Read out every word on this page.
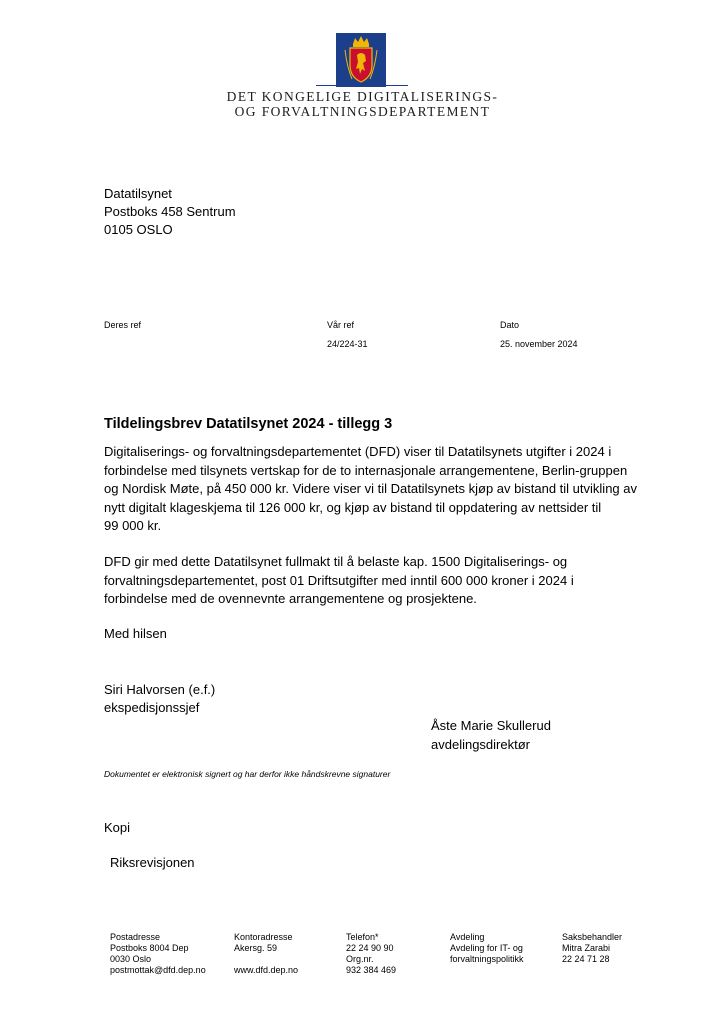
DET KONGELIGE DIGITALISERINGS-
OG FORVALTNINGSDEPARTEMENT
Datatilsynet
Postboks 458 Sentrum
0105 OSLO
Deres ref	Vår ref
24/224-31
Dato
25. november 2024
Tildelingsbrev Datatilsynet 2024 - tillegg 3
Digitaliserings- og forvaltningsdepartementet (DFD) viser til Datatilsynets utgifter i 2024 i
forbindelse med tilsynets vertskap for de to internasjonale arrangementene, Berlin-gruppen
og Nordisk Møte, på 450 000 kr. Videre viser vi til Datatilsynets kjøp av bistand til utvikling av
nytt digitalt klageskjema til 126 000 kr, og kjøp av bistand til oppdatering av nettsider til
99 000 kr.
DFD gir med dette Datatilsynet fullmakt til å belaste kap. 1500 Digitaliserings- og
forvaltningsdepartementet, post 01 Driftsutgifter med inntil 600 000 kroner i 2024 i
forbindelse med de ovennevnte arrangementene og prosjektene.
Med hilsen
Siri Halvorsen (e.f.)
ekspedisjonssjef
Åste Marie Skullerud
avdelingsdirektør
Dokumentet er elektronisk signert og har derfor ikke håndskrevne signaturer
Kopi
Riksrevisjonen
Postadresse
Postboks 8004 Dep
0030 Oslo
postmottak@dfd.dep.no
Kontoradresse
Akersg. 59

www.dfd.dep.no
Telefon*
22 24 90 90
Org.nr.
932 384 469
Avdeling
Avdeling for IT- og
forvaltningspolitikk
Saksbehandler
Mitra Zarabi
22 24 71 28
